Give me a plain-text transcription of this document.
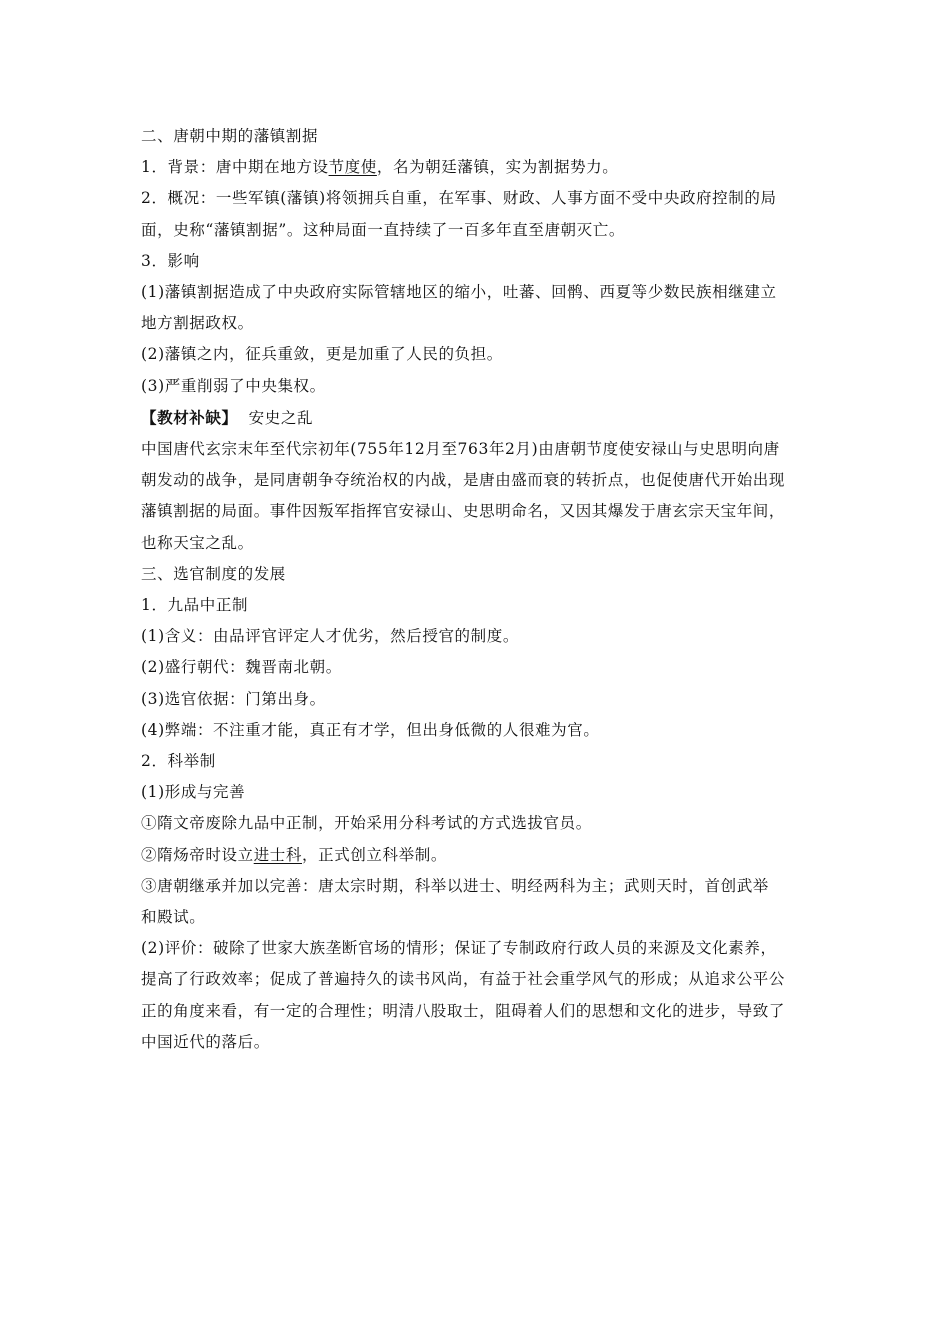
二、唐朝中期的藩镇割据
1．背景：唐中期在地方设节度使，名为朝廷藩镇，实为割据势力。
2．概况：一些军镇(藩镇)将领拥兵自重，在军事、财政、人事方面不受中央政府控制的局
面，史称“藩镇割据”。这种局面一直持续了一百多年直至唐朝灭亡。
3．影响
(1)藩镇割据造成了中央政府实际管辖地区的缩小，吐蕃、回鹘、西夏等少数民族相继建立
地方割据政权。
(2)藩镇之内，征兵重敛，更是加重了人民的负担。
(3)严重削弱了中央集权。
【教材补缺】 安史之乱
中国唐代玄宗末年至代宗初年(755年12月至763年2月)由唐朝节度使安禄山与史思明向唐
朝发动的战争，是同唐朝争夺统治权的内战，是唐由盛而衰的转折点，也促使唐代开始出现
藩镇割据的局面。事件因叛军指挥官安禄山、史思明命名，又因其爆发于唐玄宗天宝年间，
也称天宝之乱。
三、选官制度的发展
1．九品中正制
(1)含义：由品评官评定人才优劣，然后授官的制度。
(2)盛行朝代：魏晋南北朝。
(3)选官依据：门第出身。
(4)弊端：不注重才能，真正有才学，但出身低微的人很难为官。
2．科举制
(1)形成与完善
①隋文帝废除九品中正制，开始采用分科考试的方式选拔官员。
②隋炀帝时设立进士科，正式创立科举制。
③唐朝继承并加以完善：唐太宗时期，科举以进士、明经两科为主；武则天时，首创武举
和殿试。
(2)评价：破除了世家大族垄断官场的情形；保证了专制政府行政人员的来源及文化素养，
提高了行政效率；促成了普遍持久的读书风尚，有益于社会重学风气的形成；从追求公平公
正的角度来看，有一定的合理性；明清八股取士，阻碍着人们的思想和文化的进步，导致了
中国近代的落后。
